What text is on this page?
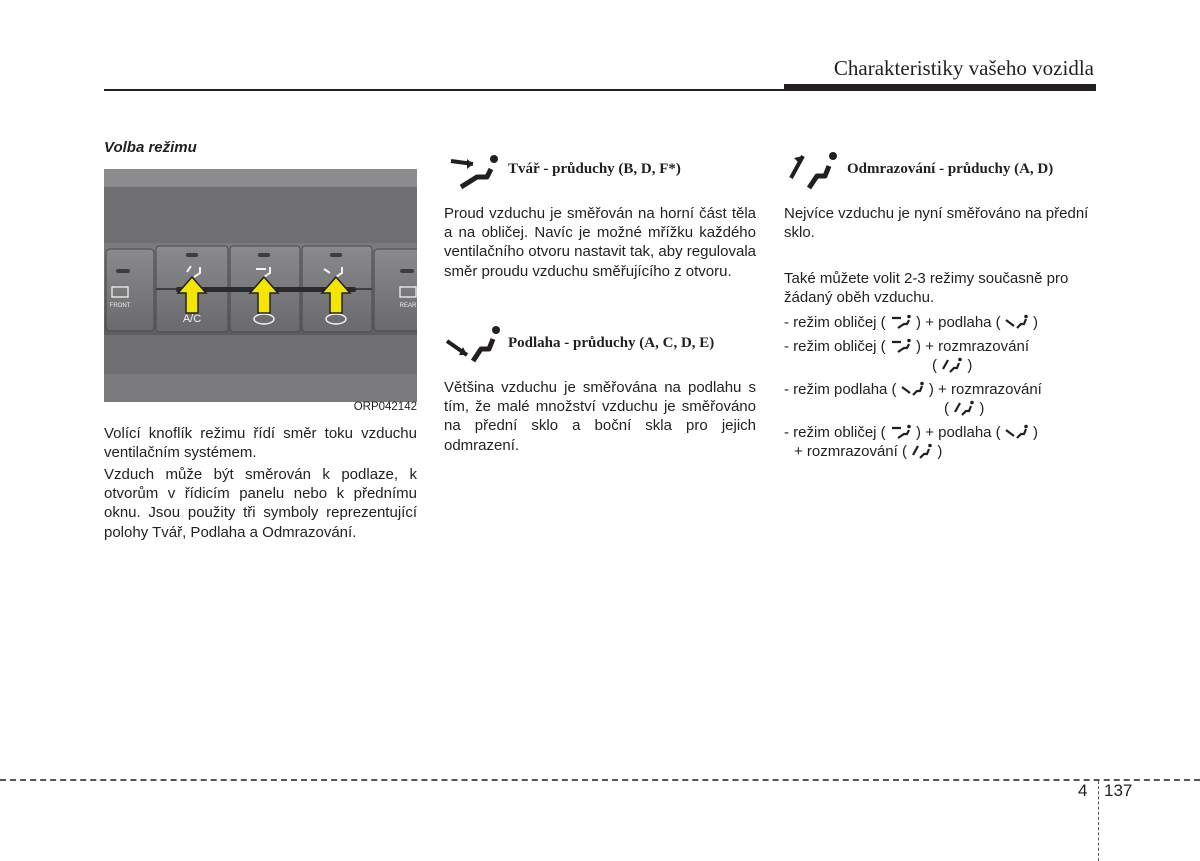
Charakteristiky vašeho vozidla
Volba režimu
FRONT
A/C
REAR
ORP042142

Volící knoflík režimu řídí směr toku vzduchu ventilačním systémem.

Vzduch může být směrován k podlaze, k otvorům v řídicím panelu nebo k přednímu oknu. Jsou použity tři symboly reprezentující polohy Tvář, Podlaha a Odmrazování.

Tvář - průduchy (B, D, F*)

Proud vzduchu je směřován na horní část těla a na obličej. Navíc je možné mřížku každého ventilačního otvoru nastavit tak, aby regulovala směr proudu vzduchu směřujícího z otvoru.

Podlaha - průduchy (A, C, D, E)

Většina vzduchu je směřována na podlahu s tím, že malé množství vzduchu je směřováno na přední sklo a boční skla pro jejich odmrazení.

Odmrazování - průduchy (A, D)

Nejvíce vzduchu je nyní směřováno na přední sklo.

Také můžete volit 2-3 režimy současně pro žádaný oběh vzduchu.

- režim obličej ( ) + podlaha ( )
- režim obličej ( ) + rozmrazování
( )
- režim podlaha ( ) + rozmrazování
( )
- režim obličej ( ) + podlaha ( )
+ rozmrazování ( )
4 137
